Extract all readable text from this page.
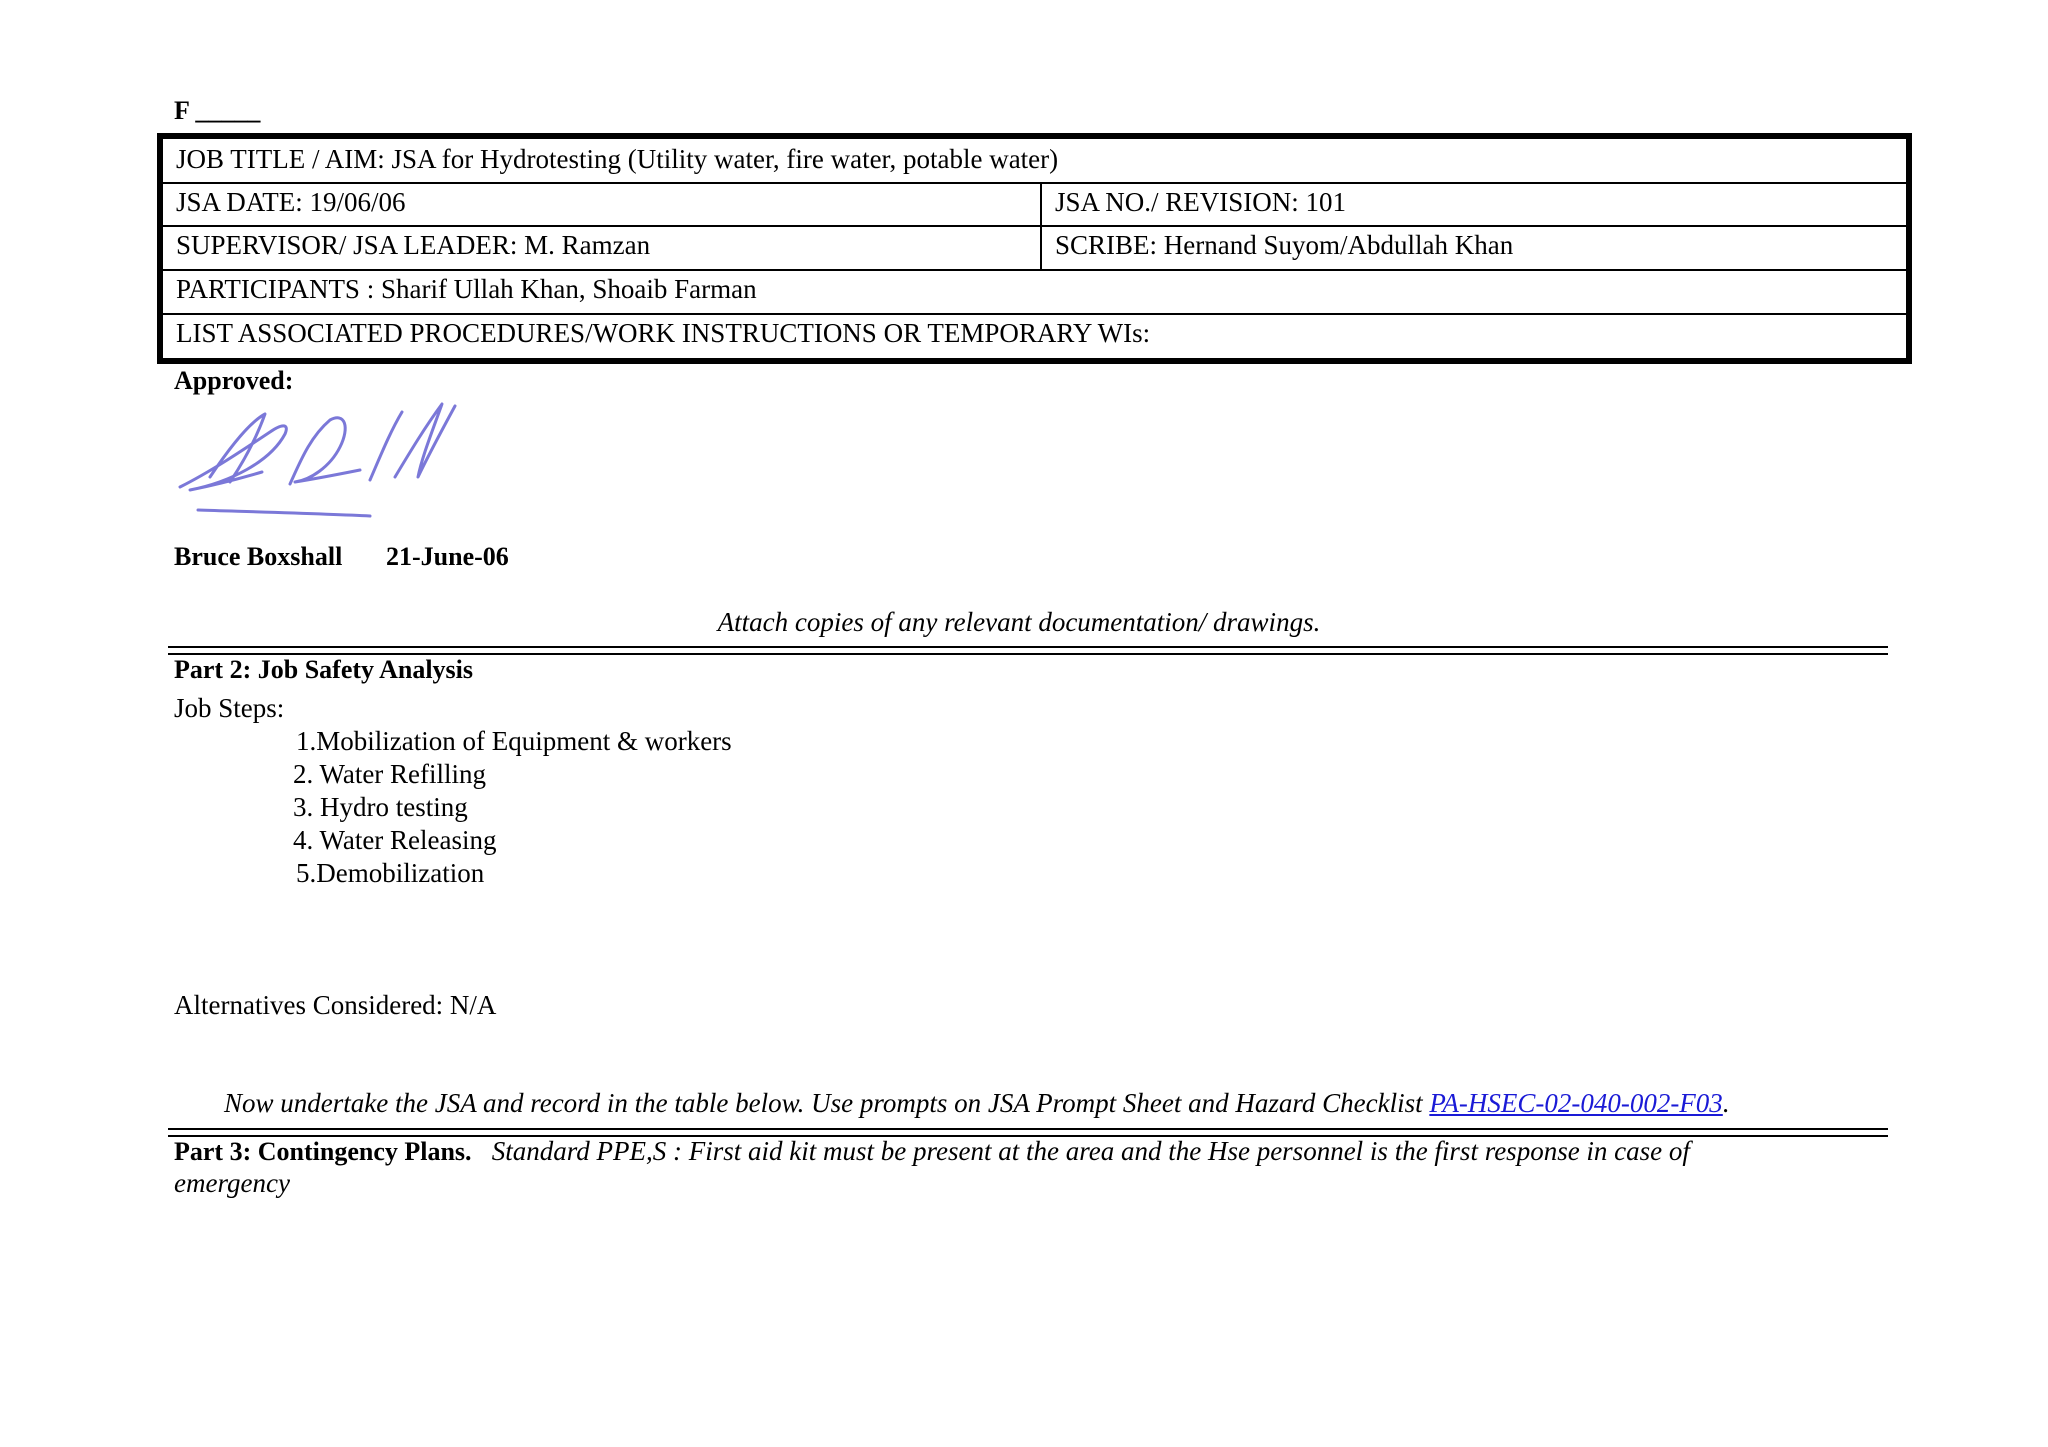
F _____
JOB TITLE / AIM: JSA for Hydrotesting (Utility water, fire water, potable water)
JSA DATE: 19/06/06	JSA NO./ REVISION: 101
SUPERVISOR/ JSA LEADER: M. Ramzan	SCRIBE: Hernand Suyom/Abdullah Khan
PARTICIPANTS : Sharif Ullah Khan, Shoaib Farman
LIST ASSOCIATED PROCEDURES/WORK INSTRUCTIONS OR TEMPORARY WIs:
Approved:
Bruce Boxshall 21-June-06
Attach copies of any relevant documentation/ drawings.
Part 2: Job Safety Analysis
Job Steps:
1.Mobilization of Equipment & workers
2. Water Refilling
3. Hydro testing
4. Water Releasing
5.Demobilization
Alternatives Considered: N/A
Now undertake the JSA and record in the table below. Use prompts on JSA Prompt Sheet and Hazard Checklist PA-HSEC-02-040-002-F03.
Part 3: Contingency Plans. Standard PPE,S : First aid kit must be present at the area and the Hse personnel is the first response in case of
emergency
